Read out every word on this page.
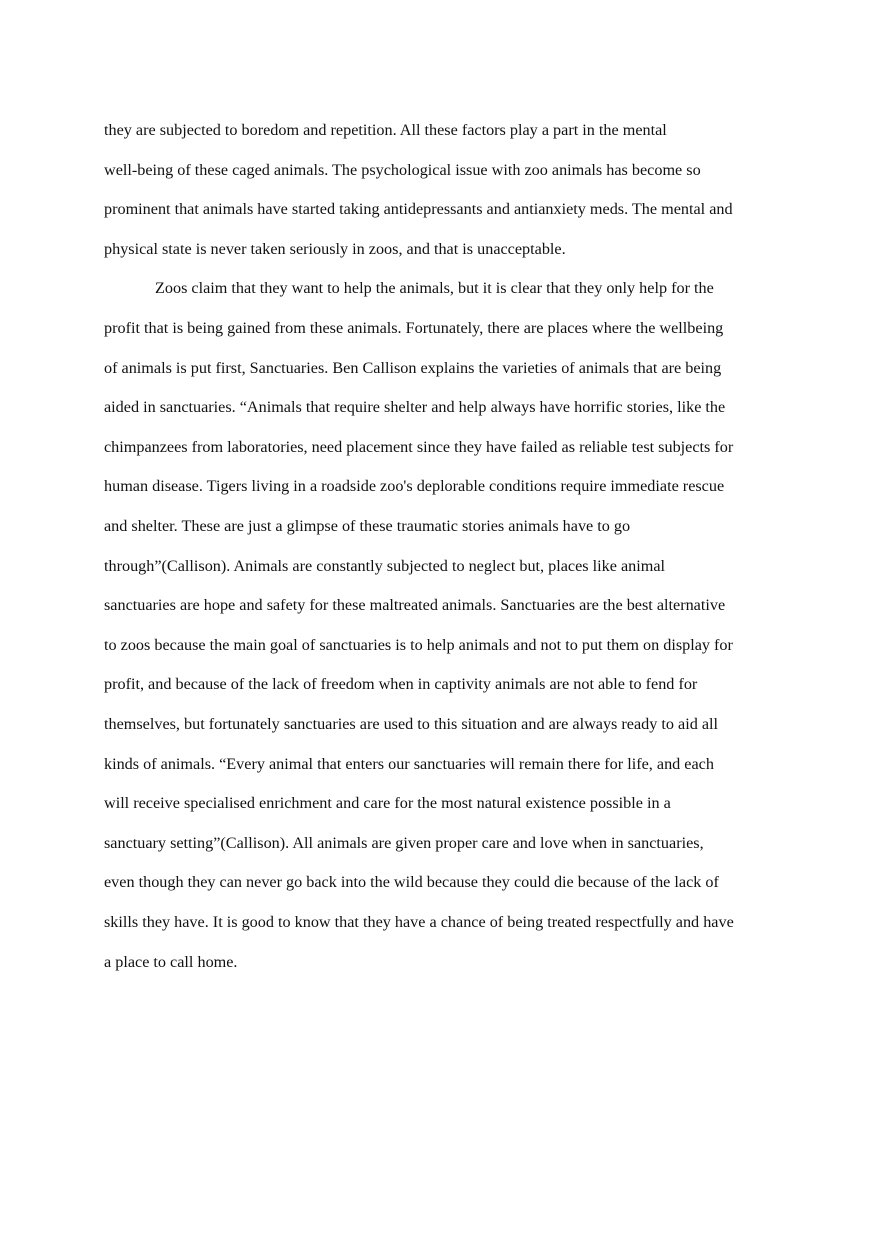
they are subjected to boredom and repetition. All these factors play a part in the mental
well-being of these caged animals. The psychological issue with zoo animals has become so
prominent that animals have started taking antidepressants and antianxiety meds. The mental and
physical state is never taken seriously in zoos, and that is unacceptable.
Zoos claim that they want to help the animals, but it is clear that they only help for the
profit that is being gained from these animals. Fortunately, there are places where the wellbeing
of animals is put first, Sanctuaries. Ben Callison explains the varieties of animals that are being
aided in sanctuaries. “Animals that require shelter and help always have horrific stories, like the
chimpanzees from laboratories, need placement since they have failed as reliable test subjects for
human disease. Tigers living in a roadside zoo's deplorable conditions require immediate rescue
and shelter. These are just a glimpse of these traumatic stories animals have to go
through”(Callison). Animals are constantly subjected to neglect but, places like animal
sanctuaries are hope and safety for these maltreated animals. Sanctuaries are the best alternative
to zoos because the main goal of sanctuaries is to help animals and not to put them on display for
profit, and because of the lack of freedom when in captivity animals are not able to fend for
themselves, but fortunately sanctuaries are used to this situation and are always ready to aid all
kinds of animals. “Every animal that enters our sanctuaries will remain there for life, and each
will receive specialised enrichment and care for the most natural existence possible in a
sanctuary setting”(Callison). All animals are given proper care and love when in sanctuaries,
even though they can never go back into the wild because they could die because of the lack of
skills they have. It is good to know that they have a chance of being treated respectfully and have
a place to call home.
